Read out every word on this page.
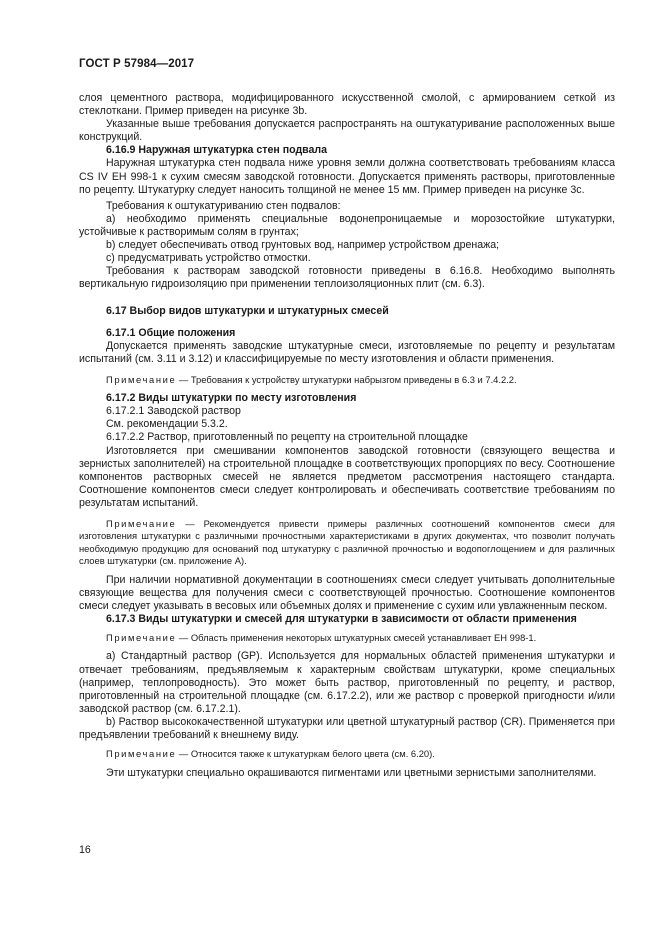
ГОСТ Р 57984—2017

слоя цементного раствора, модифицированного искусственной смолой, с армированием сеткой из стеклоткани. Пример приведен на рисунке 3b.

Указанные выше требования допускается распространять на оштукатуривание расположенных выше конструкций.

6.16.9 Наружная штукатурка стен подвала

Наружная штукатурка стен подвала ниже уровня земли должна соответствовать требованиям класса CS IV ЕН 998-1 к сухим смесям заводской готовности. Допускается применять растворы, приготовленные по рецепту. Штукатурку следует наносить толщиной не менее 15 мм. Пример приведен на рисунке 3c.

Требования к оштукатуриванию стен подвалов:

a) необходимо применять специальные водонепроницаемые и морозостойкие штукатурки, устойчивые к растворимым солям в грунтах;

b) следует обеспечивать отвод грунтовых вод, например устройством дренажа;

c) предусматривать устройство отмостки.

Требования к растворам заводской готовности приведены в 6.16.8. Необходимо выполнять вертикальную гидроизоляцию при применении теплоизоляционных плит (см. 6.3).

6.17 Выбор видов штукатурки и штукатурных смесей

6.17.1 Общие положения

Допускается применять заводские штукатурные смеси, изготовляемые по рецепту и результатам испытаний (см. 3.11 и 3.12) и классифицируемые по месту изготовления и области применения.

Примечание — Требования к устройству штукатурки набрызгом приведены в 6.3 и 7.4.2.2.

6.17.2 Виды штукатурки по месту изготовления

6.17.2.1 Заводской раствор

См. рекомендации 5.3.2.

6.17.2.2 Раствор, приготовленный по рецепту на строительной площадке

Изготовляется при смешивании компонентов заводской готовности (связующего вещества и зернистых заполнителей) на строительной площадке в соответствующих пропорциях по весу. Соотношение компонентов растворных смесей не является предметом рассмотрения настоящего стандарта. Соотношение компонентов смеси следует контролировать и обеспечивать соответствие требованиям по результатам испытаний.

Примечание — Рекомендуется привести примеры различных соотношений компонентов смеси для изготовления штукатурки с различными прочностными характеристиками в других документах, что позволит получать необходимую продукцию для оснований под штукатурку с различной прочностью и водопоглощением и для различных слоев штукатурки (см. приложение А).

При наличии нормативной документации в соотношениях смеси следует учитывать дополнительные связующие вещества для получения смеси с соответствующей прочностью. Соотношение компонентов смеси следует указывать в весовых или объемных долях и применение с сухим или увлажненным песком.

6.17.3 Виды штукатурки и смесей для штукатурки в зависимости от области применения

Примечание — Область применения некоторых штукатурных смесей устанавливает ЕН 998-1.

a) Стандартный раствор (GP). Используется для нормальных областей применения штукатурки и отвечает требованиям, предъявляемым к характерным свойствам штукатурки, кроме специальных (например, теплопроводность). Это может быть раствор, приготовленный по рецепту, и раствор, приготовленный на строительной площадке (см. 6.17.2.2), или же раствор с проверкой пригодности и/или заводской раствор (см. 6.17.2.1).

b) Раствор высококачественной штукатурки или цветной штукатурный раствор (CR). Применяется при предъявлении требований к внешнему виду.

Примечание — Относится также к штукатуркам белого цвета (см. 6.20).

Эти штукатурки специально окрашиваются пигментами или цветными зернистыми заполнителями.

16
